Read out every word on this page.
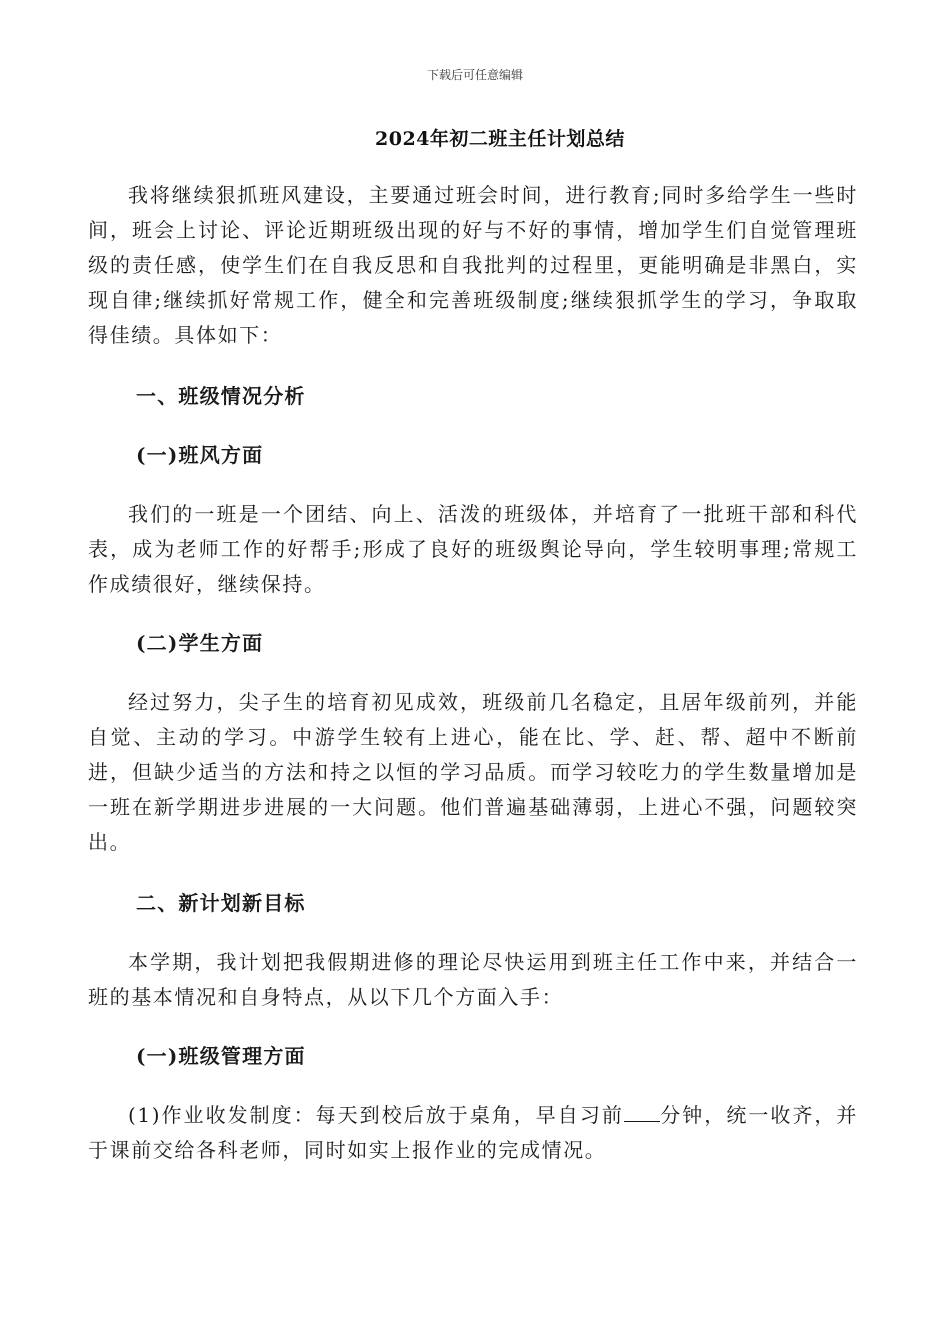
下载后可任意编辑
2024年初二班主任计划总结

我将继续狠抓班风建设，主要通过班会时间，进行教育;同时多给学生一些时间，班会上讨论、评论近期班级出现的好与不好的事情，增加学生们自觉管理班级的责任感，使学生们在自我反思和自我批判的过程里，更能明确是非黑白，实现自律;继续抓好常规工作，健全和完善班级制度;继续狠抓学生的学习，争取取得佳绩。具体如下：

一、班级情况分析
(一)班风方面

我们的一班是一个团结、向上、活泼的班级体，并培育了一批班干部和科代表，成为老师工作的好帮手;形成了良好的班级舆论导向，学生较明事理;常规工作成绩很好，继续保持。

(二)学生方面

经过努力，尖子生的培育初见成效，班级前几名稳定，且居年级前列，并能自觉、主动的学习。中游学生较有上进心，能在比、学、赶、帮、超中不断前进，但缺少适当的方法和持之以恒的学习品质。而学习较吃力的学生数量增加是一班在新学期进步进展的一大问题。他们普遍基础薄弱，上进心不强，问题较突出。

二、新计划新目标

本学期，我计划把我假期进修的理论尽快运用到班主任工作中来，并结合一班的基本情况和自身特点，从以下几个方面入手：

(一)班级管理方面

(1)作业收发制度：每天到校后放于桌角，早自习前 分钟，统一收齐，并于课前交给各科老师，同时如实上报作业的完成情况。
